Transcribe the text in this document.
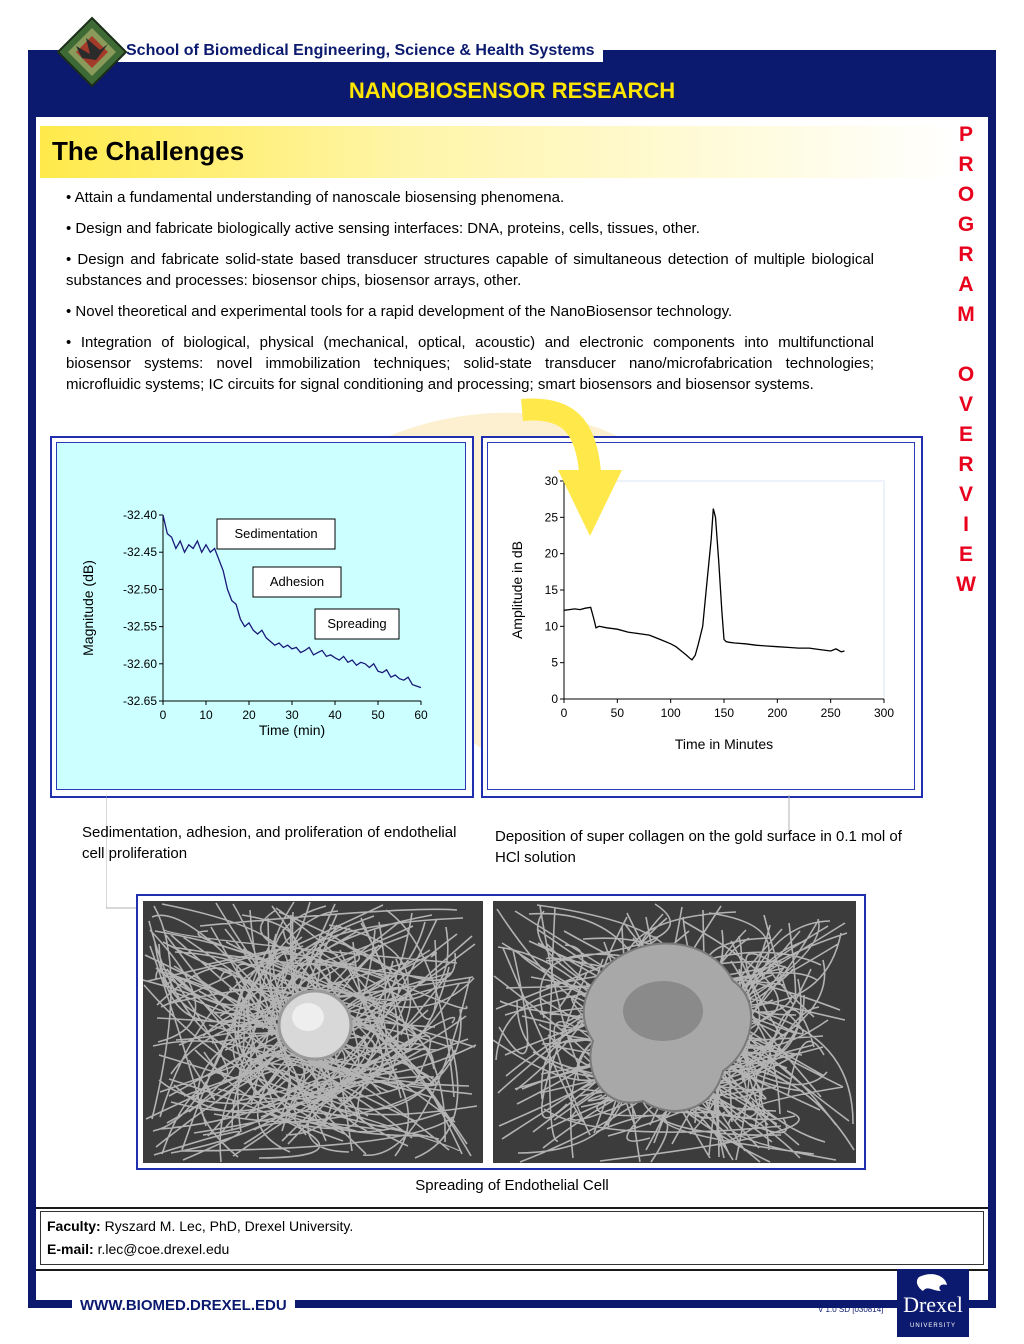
School of Biomedical Engineering, Science & Health Systems
NANOBIOSENSOR RESEARCH
The Challenges
P
R
O
G
R
A
M
O
V
E
R
V
I
E
W

• Attain a fundamental understanding of nanoscale biosensing phenomena.

• Design and fabricate biologically active sensing interfaces: DNA, proteins, cells, tissues, other.

• Design and fabricate solid-state based transducer structures capable of simultaneous detection of multiple biological substances and processes: biosensor chips, biosensor arrays, other.

• Novel theoretical and experimental tools for a rapid development of the NanoBiosensor technology.

• Integration of biological, physical (mechanical, optical, acoustic) and electronic components into multifunctional biosensor systems: novel immobilization techniques; solid-state transducer nano/microfabrication technologies; microfluidic systems; IC circuits for signal conditioning and processing; smart biosensors and biosensor systems.

-32.40
-32.45
-32.50
-32.55
-32.60
-32.65
0	10 20 30 40 50 60
Time (min)
Magnitude (dB)
Sedimentation
Adhesion
Spreading
0
5
10
15
20
25
30
0	50	100	150	200	250	300
Time in Minutes
Amplitude in dB
Sedimentation, adhesion, and proliferation of endothelial cell proliferation
Deposition of super collagen on the gold surface in 0.1 mol of HCl solution
Spreading of Endothelial Cell
Faculty: Ryszard M. Lec, PhD, Drexel University.
E-mail: r.lec@coe.drexel.edu
WWW.BIOMED.DREXEL.EDU	V 1.0 SD [030814] Drexel
UNIVERSITY
